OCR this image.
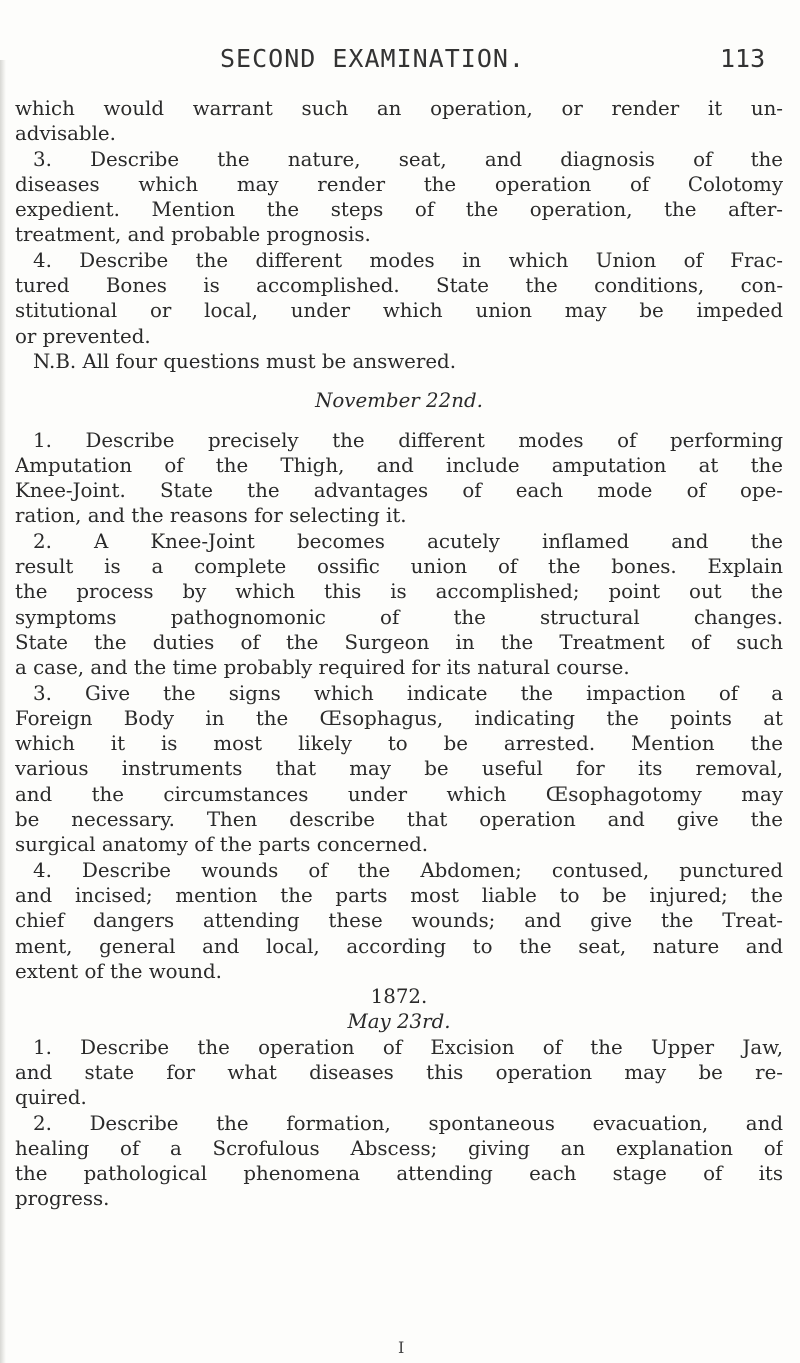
SECOND EXAMINATION.	113
which would warrant such an operation, or render it un-
advisable.
3. Describe the nature, seat, and diagnosis of the
diseases which may render the operation of Colotomy
expedient. Mention the steps of the operation, the after-
treatment, and probable prognosis.
4. Describe the different modes in which Union of Frac-
tured Bones is accomplished. State the conditions, con-
stitutional or local, under which union may be impeded
or prevented.
N.B. All four questions must be answered.
November 22nd.
1. Describe precisely the different modes of performing
Amputation of the Thigh, and include amputation at the
Knee-Joint. State the advantages of each mode of ope-
ration, and the reasons for selecting it.
2. A Knee-Joint becomes acutely inflamed and the
result is a complete ossific union of the bones. Explain
the process by which this is accomplished; point out the
symptoms pathognomonic of the structural changes.
State the duties of the Surgeon in the Treatment of such
a case, and the time probably required for its natural course.
3. Give the signs which indicate the impaction of a
Foreign Body in the Œsophagus, indicating the points at
which it is most likely to be arrested. Mention the
various instruments that may be useful for its removal,
and the circumstances under which Œsophagotomy may
be necessary. Then describe that operation and give the
surgical anatomy of the parts concerned.
4. Describe wounds of the Abdomen; contused, punctured
and incised; mention the parts most liable to be injured; the
chief dangers attending these wounds; and give the Treat-
ment, general and local, according to the seat, nature and
extent of the wound.
1872.
May 23rd.
1. Describe the operation of Excision of the Upper Jaw,
and state for what diseases this operation may be re-
quired.
2. Describe the formation, spontaneous evacuation, and
healing of a Scrofulous Abscess; giving an explanation of
the pathological phenomena attending each stage of its
progress.
I
